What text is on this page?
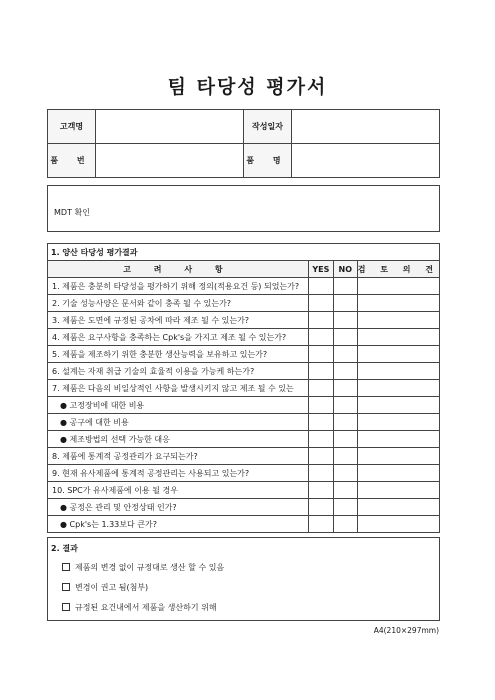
팀 타당성 평가서
고객명		작성일자	
품 번		품 명	
MDT 확인
1. 양산 타당성 평가결과			
고 려 사 항	YES	NO	검 토 의 견
1. 제품은 충분히 타당성을 평가하기 위해 정의(적용요건 등) 되었는가?			
2. 기술 성능사양은 문서와 같이 충족 될 수 있는가?			
3. 제품은 도면에 규정된 공차에 따라 제조 될 수 있는가?			
4. 제품은 요구사항을 충족하는 Cpk's을 가지고 제조 될 수 있는가?			
5. 제품을 제조하기 위한 충분한 생산능력을 보유하고 있는가?			
6. 설계는 자재 취급 기술의 효율적 이용을 가능케 하는가?			
7. 제품은 다음의 비일상적인 사항을 발생시키지 않고 제조 될 수 있는			
● 고정장비에 대한 비용			
● 공구에 대한 비용			
● 제조방법의 선택 가능한 대응			
8. 제품에 통계적 공정관리가 요구되는가?			
9. 현재 유사제품에 통계적 공정관리는 사용되고 있는가?			
10. SPC가 유사제품에 이용 될 경우			
● 공정은 관리 및 안정상태 인가?			
● Cpk's는 1.33보다 큰가?			
2. 결과
제품의 변경 없이 규정대로 생산 할 수 있음
변경이 권고 됨(첨부)
규정된 요건내에서 제품을 생산하기 위해
A4(210×297mm)
